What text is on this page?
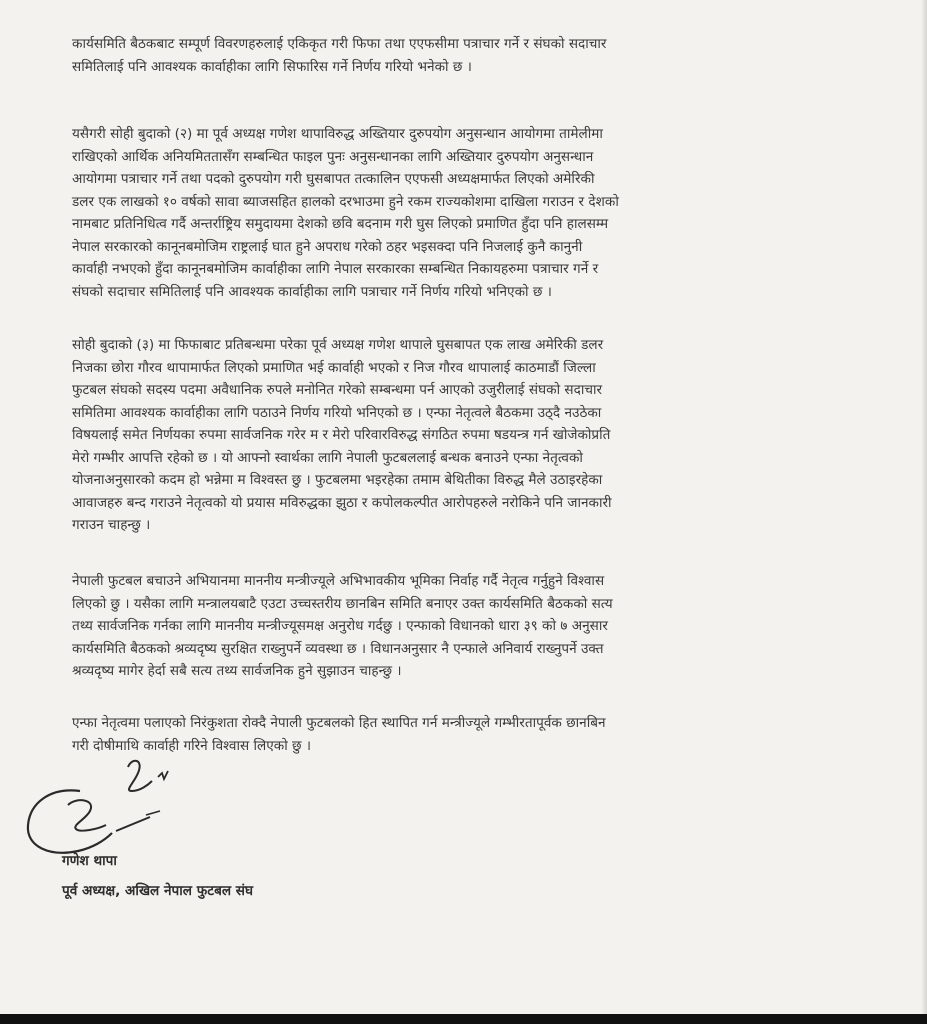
कार्यसमिति बैठकबाट सम्पूर्ण विवरणहरुलाई एकिकृत गरी फिफा तथा एएफसीमा पत्राचार गर्ने र संघको सदाचार
समितिलाई पनि आवश्यक कार्वाहीका लागि सिफारिस गर्ने निर्णय गरियो भनेको छ ।

यसैगरी सोही बुदाको (२) मा पूर्व अध्यक्ष गणेश थापाविरुद्ध अख्तियार दुरुपयोग अनुसन्धान आयोगमा तामेलीमा
राखिएको आर्थिक अनियमिततासँग सम्बन्धित फाइल पुनः अनुसन्धानका लागि अख्तियार दुरुपयोग अनुसन्धान
आयोगमा पत्राचार गर्ने तथा पदको दुरुपयोग गरी घुसबापत तत्कालिन एएफसी अध्यक्षमार्फत लिएको अमेरिकी
डलर एक लाखको १० वर्षको सावा ब्याजसहित हालको दरभाउमा हुने रकम राज्यकोशमा दाखिला गराउन र देशको
नामबाट प्रतिनिधित्व गर्दै अन्तर्राष्ट्रिय समुदायमा देशको छवि बदनाम गरी घुस लिएको प्रमाणित हुँदा पनि हालसम्म
नेपाल सरकारको कानूनबमोजिम राष्ट्रलाई घात हुने अपराध गरेको ठहर भइसक्दा पनि निजलाई कुनै कानुनी
कार्वाही नभएको हुँदा कानूनबमोजिम कार्वाहीका लागि नेपाल सरकारका सम्बन्धित निकायहरुमा पत्राचार गर्ने र
संघको सदाचार समितिलाई पनि आवश्यक कार्वाहीका लागि पत्राचार गर्ने निर्णय गरियो भनिएको छ ।

सोही बुदाको (३) मा फिफाबाट प्रतिबन्धमा परेका पूर्व अध्यक्ष गणेश थापाले घुसबापत एक लाख अमेरिकी डलर
निजका छोरा गौरव थापामार्फत लिएको प्रमाणित भई कार्वाही भएको र निज गौरव थापालाई काठमाडौं जिल्ला
फुटबल संघको सदस्य पदमा अवैधानिक रुपले मनोनित गरेको सम्बन्धमा पर्न आएको उजुरीलाई संघको सदाचार
समितिमा आवश्यक कार्वाहीका लागि पठाउने निर्णय गरियो भनिएको छ । एन्फा नेतृत्वले बैठकमा उठ्दै नउठेका
विषयलाई समेत निर्णयका रुपमा सार्वजनिक गरेर म र मेरो परिवारविरुद्ध संगठित रुपमा षडयन्त्र गर्न खोजेकोप्रति
मेरो गम्भीर आपत्ति रहेको छ । यो आफ्नो स्वार्थका लागि नेपाली फुटबललाई बन्धक बनाउने एन्फा नेतृत्वको
योजनाअनुसारको कदम हो भन्नेमा म विश्वस्त छु । फुटबलमा भइरहेका तमाम बेथितीका विरुद्ध मैले उठाइरहेका
आवाजहरु बन्द गराउने नेतृत्वको यो प्रयास मविरुद्धका झुठा र कपोलकल्पीत आरोपहरुले नरोकिने पनि जानकारी
गराउन चाहन्छु ।

नेपाली फुटबल बचाउने अभियानमा माननीय मन्त्रीज्यूले अभिभावकीय भूमिका निर्वाह गर्दै नेतृत्व गर्नुहुने विश्वास
लिएको छु । यसैका लागि मन्त्रालयबाटै एउटा उच्चस्तरीय छानबिन समिति बनाएर उक्त कार्यसमिति बैठकको सत्य
तथ्य सार्वजनिक गर्नका लागि माननीय मन्त्रीज्यूसमक्ष अनुरोध गर्दछु । एन्फाको विधानको धारा ३९ को ७ अनुसार
कार्यसमिति बैठकको श्रव्यदृष्य सुरक्षित राख्नुपर्ने व्यवस्था छ । विधानअनुसार नै एन्फाले अनिवार्य राख्नुपर्ने उक्त
श्रव्यदृष्य मागेर हेर्दा सबै सत्य तथ्य सार्वजनिक हुने सुझाउन चाहन्छु ।

एन्फा नेतृत्वमा पलाएको निरंकुशता रोक्दै नेपाली फुटबलको हित स्थापित गर्न मन्त्रीज्यूले गम्भीरतापूर्वक छानबिन
गरी दोषीमाथि कार्वाही गरिने विश्वास लिएको छु ।

गणेश थापा
पूर्व अध्यक्ष, अखिल नेपाल फुटबल संघ
